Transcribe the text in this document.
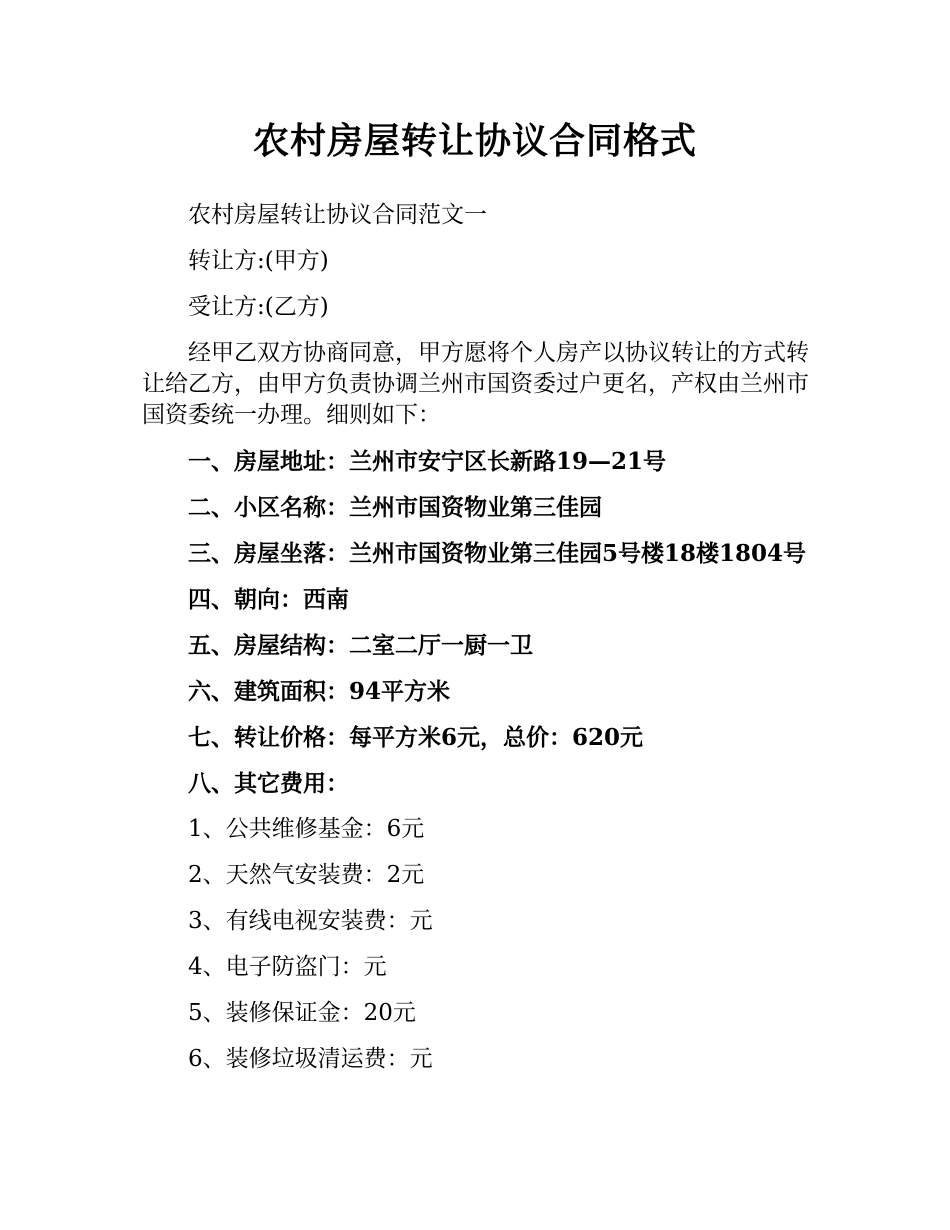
农村房屋转让协议合同格式

农村房屋转让协议合同范文一

转让方:(甲方)

受让方:(乙方)

经甲乙双方协商同意，甲方愿将个人房产以协议转让的方式转让给乙方，由甲方负责协调兰州市国资委过户更名，产权由兰州市国资委统一办理。细则如下：

一、房屋地址：兰州市安宁区长新路19—21号

二、小区名称：兰州市国资物业第三佳园

三、房屋坐落：兰州市国资物业第三佳园5号楼18楼1804号

四、朝向：西南

五、房屋结构：二室二厅一厨一卫

六、建筑面积：94平方米

七、转让价格：每平方米6元，总价：620元

八、其它费用：

1、公共维修基金：6元

2、天然气安装费：2元

3、有线电视安装费：元

4、电子防盗门：元

5、装修保证金：20元

6、装修垃圾清运费：元
